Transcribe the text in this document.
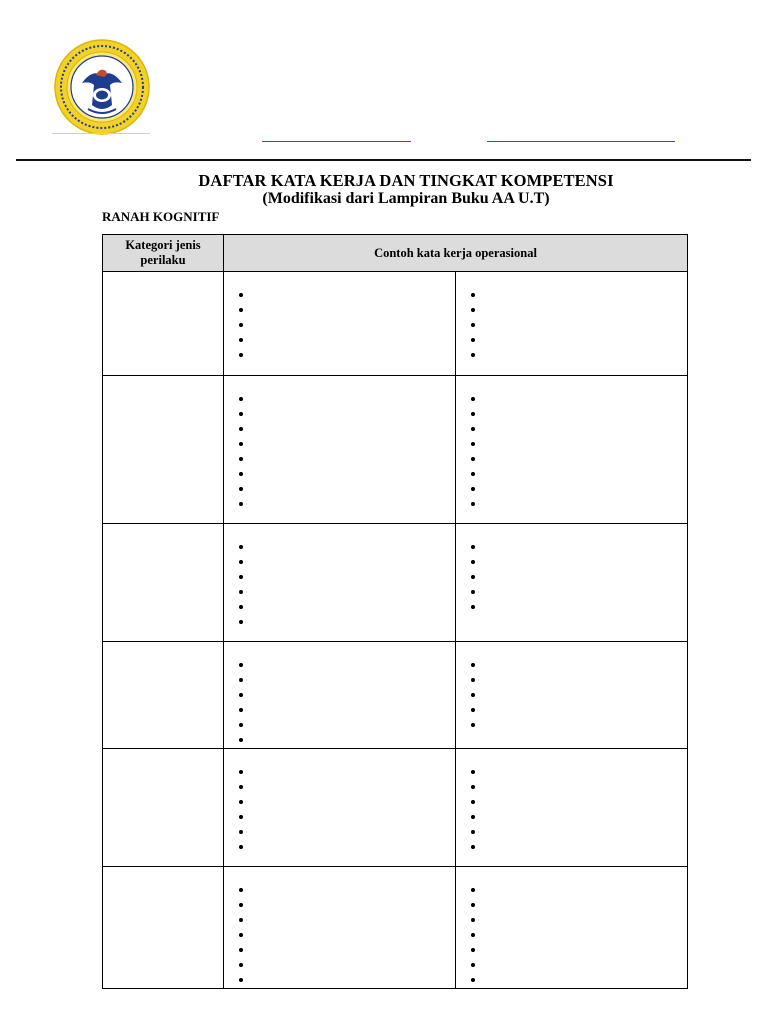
DAFTAR KATA KERJA DAN TINGKAT KOMPETENSI
(Modifikasi dari Lampiran Buku AA U.T)
RANAH KOGNITIF
Kategori jenis perilaku	Contoh kata kerja operasional	
